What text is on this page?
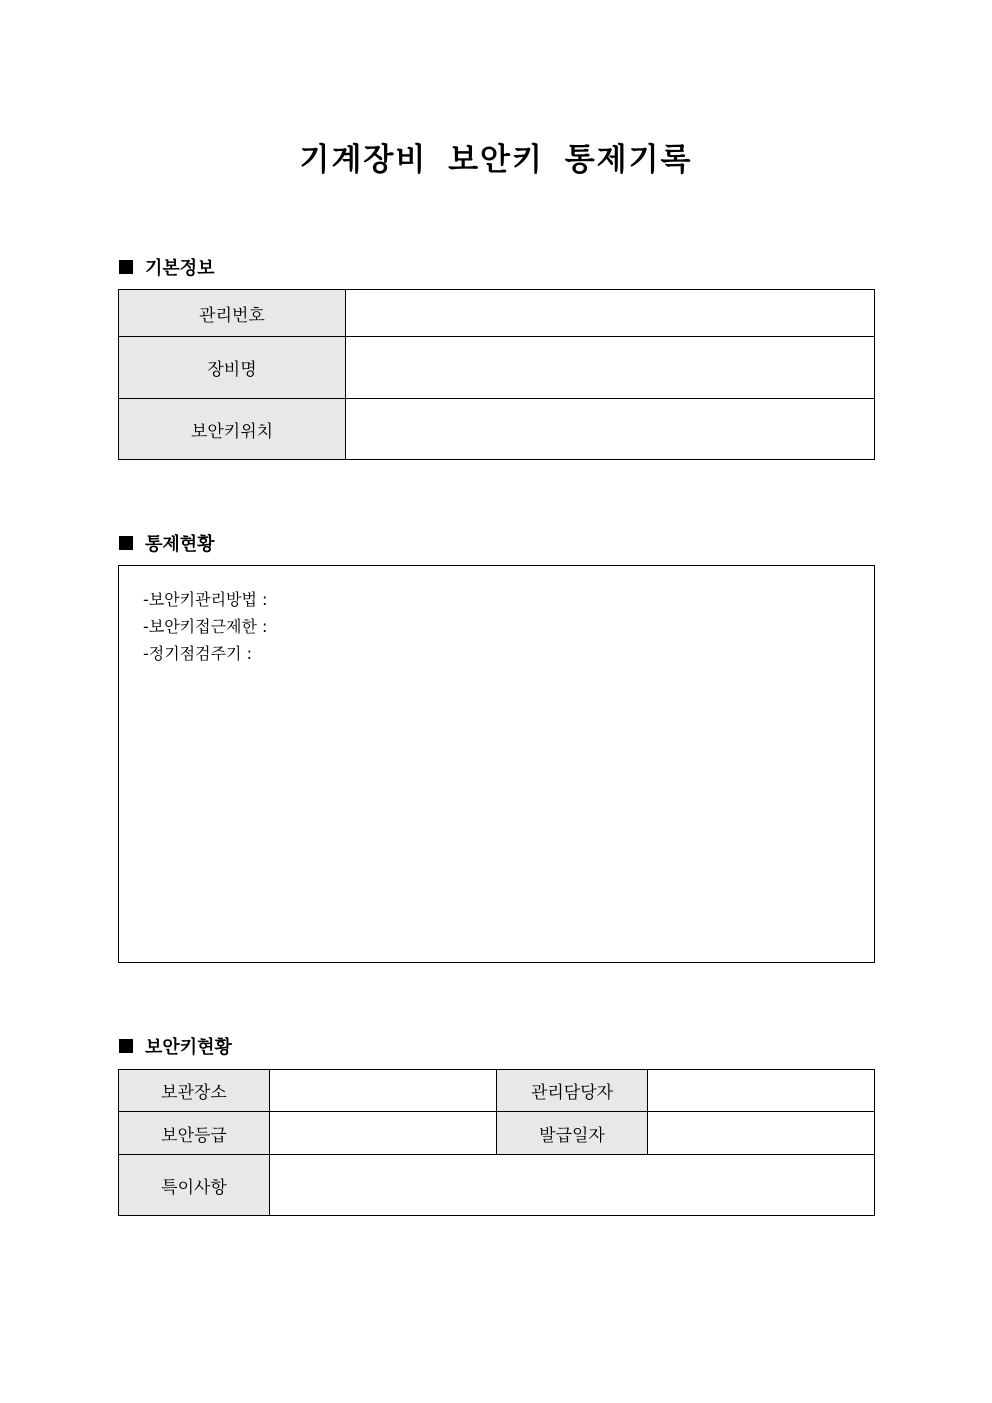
기계장비 보안키 통제기록
기본정보
관리번호	
장비명	
보안키위치	
통제현황
-보안키관리방법 :
-보안키접근제한 :
-정기점검주기 :
보안키현황
보관장소		관리담당자	
보안등급		발급일자	
특이사항			
